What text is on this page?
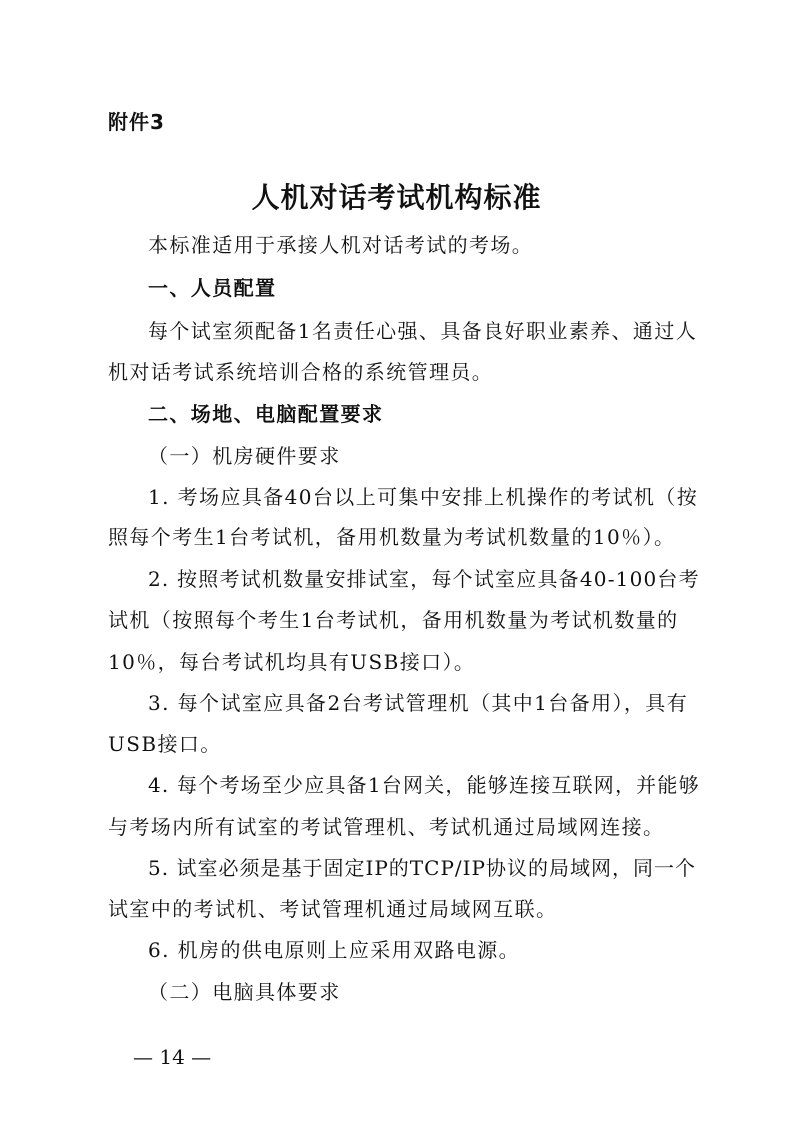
附件3
人机对话考试机构标准
本标准适用于承接人机对话考试的考场。
一、人员配置
每个试室须配备1名责任心强、具备良好职业素养、通过人
机对话考试系统培训合格的系统管理员。
二、场地、电脑配置要求
（一）机房硬件要求
1. 考场应具备40台以上可集中安排上机操作的考试机（按
照每个考生1台考试机，备用机数量为考试机数量的10％）。
2. 按照考试机数量安排试室，每个试室应具备40-100台考
试机（按照每个考生1台考试机，备用机数量为考试机数量的
10％，每台考试机均具有USB接口）。
3. 每个试室应具备2台考试管理机（其中1台备用），具有
USB接口。
4. 每个考场至少应具备1台网关，能够连接互联网，并能够
与考场内所有试室的考试管理机、考试机通过局域网连接。
5. 试室必须是基于固定IP的TCP/IP协议的局域网，同一个
试室中的考试机、考试管理机通过局域网互联。
6. 机房的供电原则上应采用双路电源。
（二）电脑具体要求
— 14 —
